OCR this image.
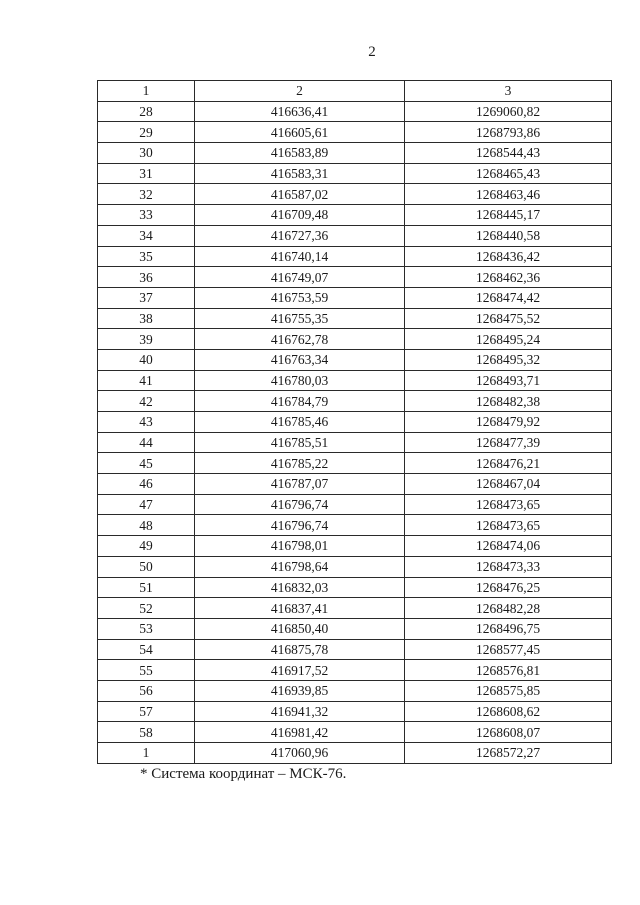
2
1	2	3
28	416636,41	1269060,82
29	416605,61	1268793,86
30	416583,89	1268544,43
31	416583,31	1268465,43
32	416587,02	1268463,46
33	416709,48	1268445,17
34	416727,36	1268440,58
35	416740,14	1268436,42
36	416749,07	1268462,36
37	416753,59	1268474,42
38	416755,35	1268475,52
39	416762,78	1268495,24
40	416763,34	1268495,32
41	416780,03	1268493,71
42	416784,79	1268482,38
43	416785,46	1268479,92
44	416785,51	1268477,39
45	416785,22	1268476,21
46	416787,07	1268467,04
47	416796,74	1268473,65
48	416796,74	1268473,65
49	416798,01	1268474,06
50	416798,64	1268473,33
51	416832,03	1268476,25
52	416837,41	1268482,28
53	416850,40	1268496,75
54	416875,78	1268577,45
55	416917,52	1268576,81
56	416939,85	1268575,85
57	416941,32	1268608,62
58	416981,42	1268608,07
1	417060,96	1268572,27
* Система координат – МСК-76.
